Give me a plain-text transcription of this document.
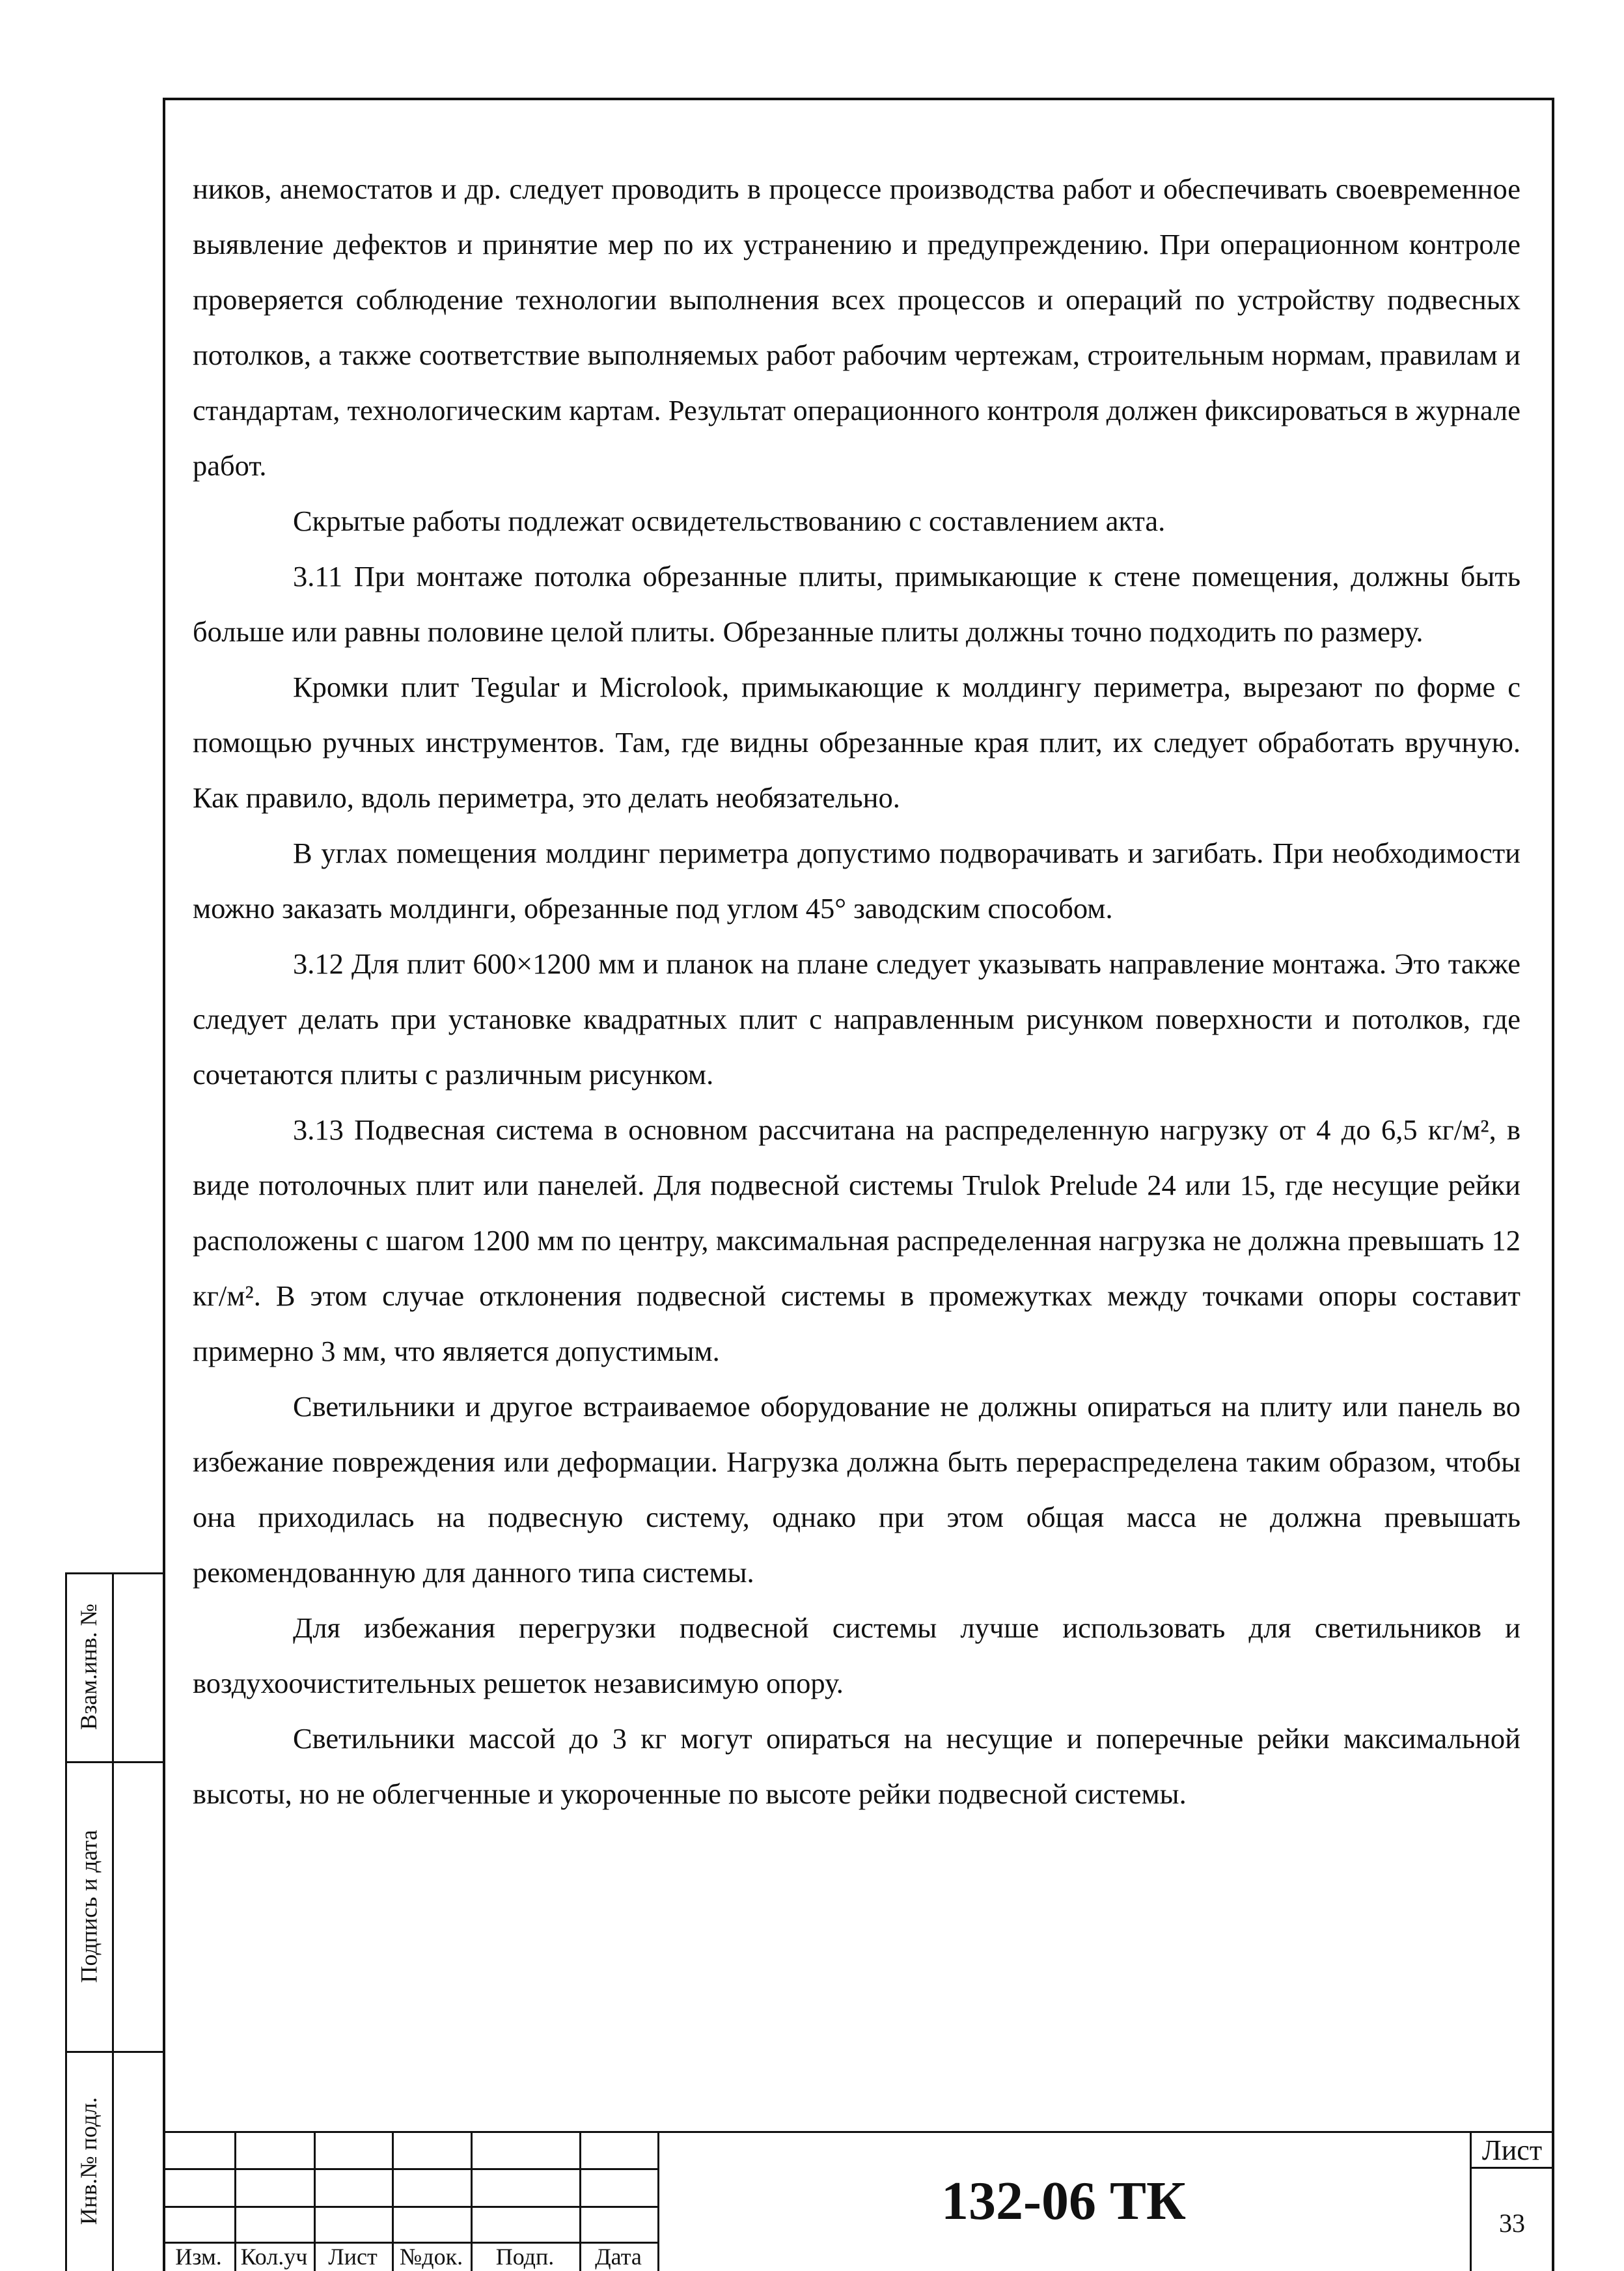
ников, анемостатов и др. следует проводить в процессе производства работ и обеспечивать своевременное выявление дефектов и принятие мер по их устранению и предупреждению. При операционном контроле проверяется соблюдение технологии выполнения всех процессов и операций по устройству подвесных потолков, а также соответствие выполняемых работ рабочим чертежам, строительным нормам, правилам и стандартам, технологическим картам. Результат операционного контроля должен фиксироваться в журнале работ.

Скрытые работы подлежат освидетельствованию с составлением акта.

3.11 При монтаже потолка обрезанные плиты, примыкающие к стене помещения, должны быть больше или равны половине целой плиты. Обрезанные плиты должны точно подходить по размеру.

Кромки плит Tegular и Microlook, примыкающие к молдингу периметра, вырезают по форме с помощью ручных инструментов. Там, где видны обрезанные края плит, их следует обработать вручную. Как правило, вдоль периметра, это делать необязательно.

В углах помещения молдинг периметра допустимо подворачивать и загибать. При необходимости можно заказать молдинги, обрезанные под углом 45° заводским способом.

3.12 Для плит 600×1200 мм и планок на плане следует указывать направление монтажа. Это также следует делать при установке квадратных плит с направленным рисунком поверхности и потолков, где сочетаются плиты с различным рисунком.

3.13 Подвесная система в основном рассчитана на распределенную нагрузку от 4 до 6,5 кг/м², в виде потолочных плит или панелей. Для подвесной системы Trulok Prelude 24 или 15, где несущие рейки расположены с шагом 1200 мм по центру, максимальная распределенная нагрузка не должна превышать 12 кг/м². В этом случае отклонения подвесной системы в промежутках между точками опоры составит примерно 3 мм, что является допустимым.

Светильники и другое встраиваемое оборудование не должны опираться на плиту или панель во избежание повреждения или деформации. Нагрузка должна быть перераспределена таким образом, чтобы она приходилась на подвесную систему, однако при этом общая масса не должна превышать рекомендованную для данного типа системы.

Для избежания перегрузки подвесной системы лучше использовать для светильников и воздухоочистительных решеток независимую опору.

Светильники массой до 3 кг могут опираться на несущие и поперечные рейки максимальной высоты, но не облегченные и укороченные по высоте рейки подвесной системы.

Взам.инв. №
Подпись и дата
Инв.№ подл.
Изм. Кол.уч Лист №док.	Подп.	Дата
132-06 ТК
Лист
33
